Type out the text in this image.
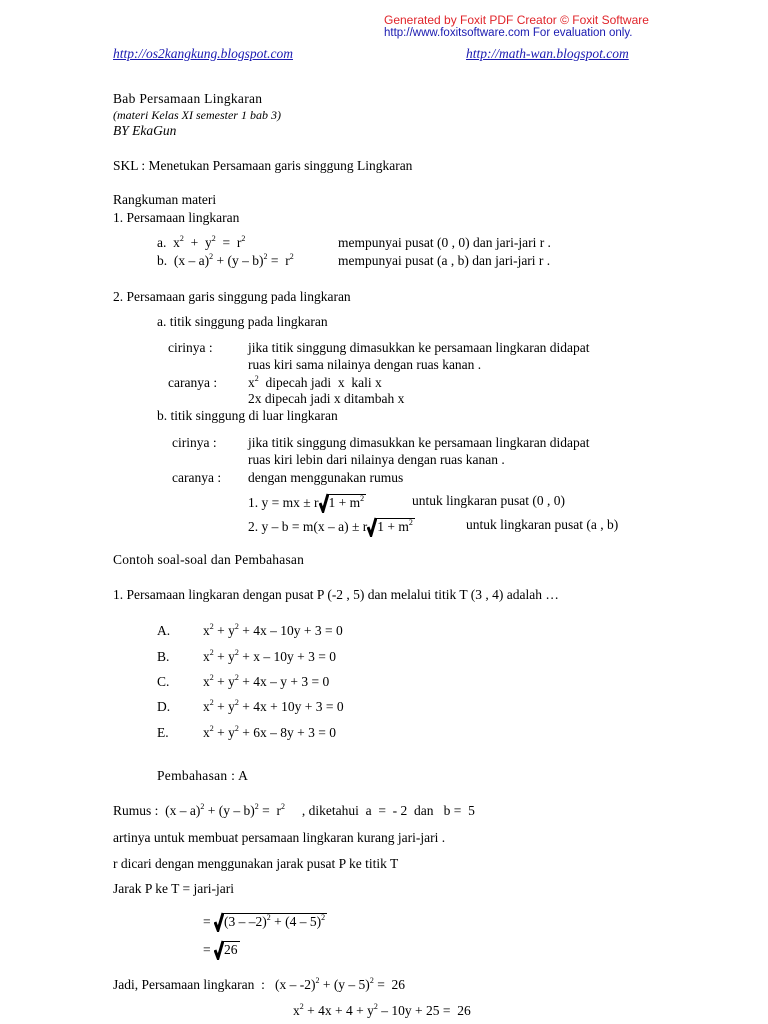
Generated by Foxit PDF Creator © Foxit Software
http://www.foxitsoftware.com For evaluation only.
http://os2kangkung.blogspot.com	http://math-wan.blogspot.com
Bab Persamaan Lingkaran
(materi Kelas XI semester 1 bab 3)
BY EkaGun
SKL : Menetukan Persamaan garis singgung Lingkaran
Rangkuman materi
1. Persamaan lingkaran
a.  $x^2 + y^2 = r^2$	mempunyai pusat (0 , 0) dan jari-jari r .
b.  $(x - a)^2 + (y - b)^2 = r^2$	mempunyai pusat (a , b) dan jari-jari r .
2. Persamaan garis singgung pada lingkaran
a. titik singgung pada lingkaran
cirinya :	jika titik singgung dimasukkan ke persamaan lingkaran didapat
ruas kiri sama nilainya dengan ruas kanan .
caranya : $x^2$  dipecah jadi  x  kali x
2x dipecah jadi x ditambah x
b. titik singgung di luar lingkaran
cirinya : jika titik singgung dimasukkan ke persamaan lingkaran didapat
ruas kiri lebin dari nilainya dengan ruas kanan .
caranya : dengan menggunakan rumus
1. y = mx ± r $1 + m^2$	untuk lingkaran pusat (0 , 0)
2. y – b = m(x – a) ± r $1 + m^2$	untuk lingkaran pusat (a , b)
Contoh soal-soal dan Pembahasan
1. Persamaan lingkaran dengan pusat P (-2 , 5) dan melalui titik T (3 , 4) adalah …
A. $x^2 + y^2 + 4x - 10y + 3 = 0$
B. $x^2 + y^2 + x - 10y + 3 = 0$
C. $x^2 + y^2 + 4x - y + 3 = 0$
D. $x^2 + y^2 + 4x + 10y + 3 = 0$
E.	$x^2 + y^2 + 6x - 8y + 3 = 0$
Pembahasan : A
Rumus :  $(x - a)^2 + (y - b)^2 = r^2$     , diketahui  a  =  - 2  dan   b =  5
artinya untuk membuat persamaan lingkaran kurang jari-jari .
r dicari dengan menggunakan jarak pusat P ke titik T
Jarak P ke T = jari-jari
= (3 – –2)$^2$ + (4 – 5)$^2$
= 26
Jadi, Persamaan lingkaran  :   (x – -2)$^2$ + (y – 5)$^2$ =  26
$x^2 + 4x + 4 + y^2 - 10y + 25 = 26$
